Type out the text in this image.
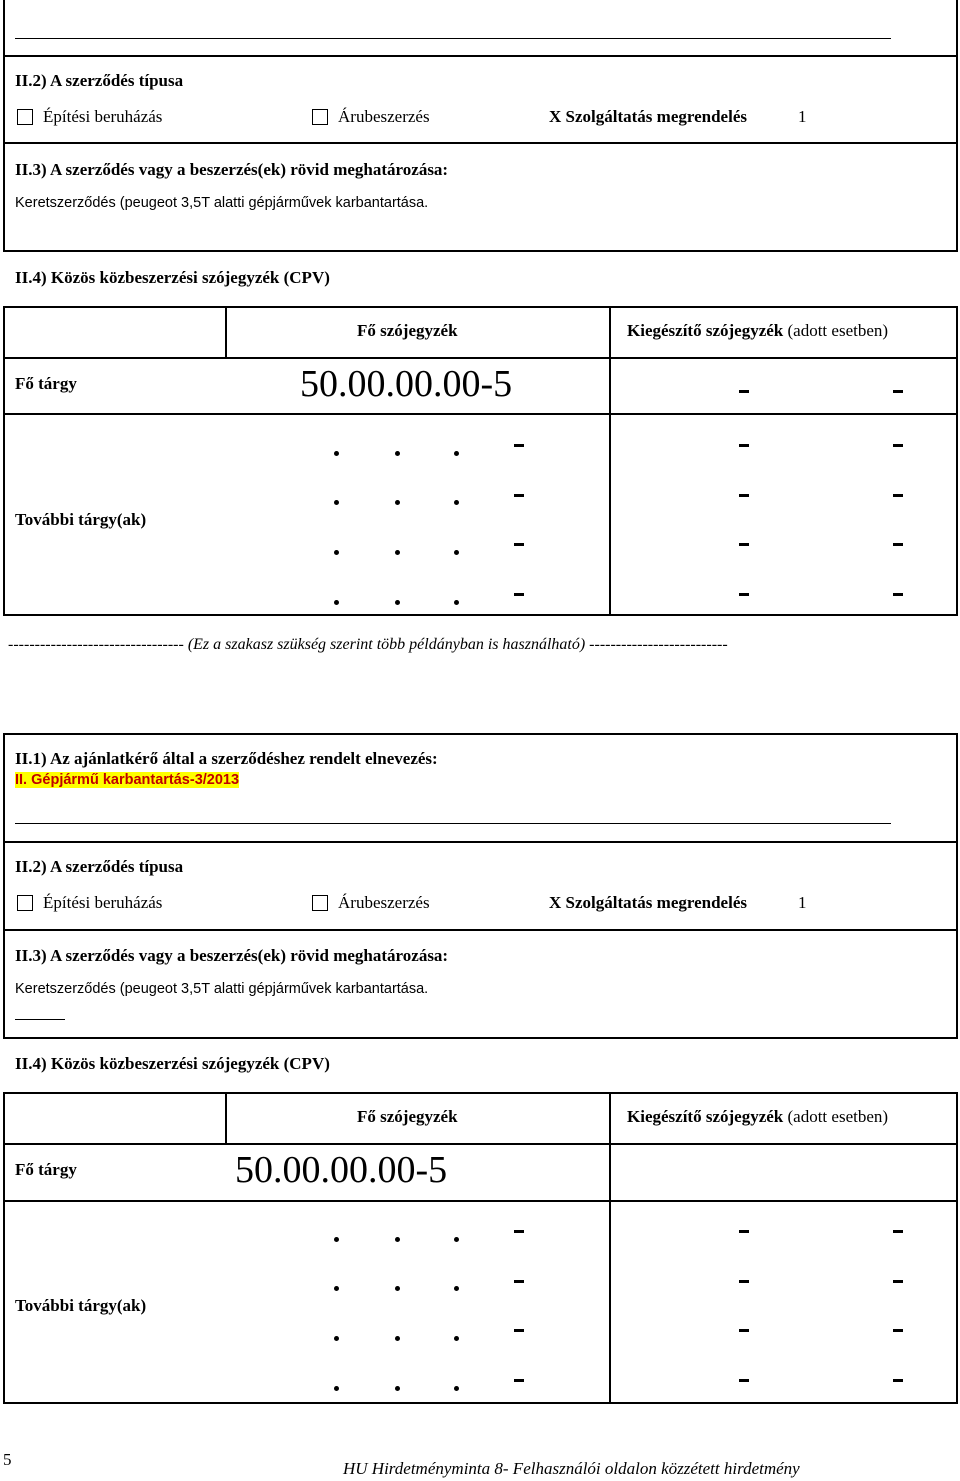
II.2) A szerződés típusa
Építési beruházás	Árubeszerzés	X Szolgáltatás megrendelés	1
II.3) A szerződés vagy a beszerzés(ek) rövid meghatározása:
Keretszerződés (peugeot 3,5T alatti gépjárművek karbantartása.
II.4) Közös közbeszerzési szójegyzék (CPV)
Fő szójegyzék	Kiegészítő szójegyzék (adott esetben)
Fő tárgy	50.00.00.00-5
További tárgy(ak)
--------------------------------- (Ez a szakasz szükség szerint több példányban is használható) --------------------------
II.1) Az ajánlatkérő által a szerződéshez rendelt elnevezés:
II. Gépjármű karbantartás-3/2013
II.2) A szerződés típusa
Építési beruházás	Árubeszerzés	X Szolgáltatás megrendelés	1
II.3) A szerződés vagy a beszerzés(ek) rövid meghatározása:
Keretszerződés (peugeot 3,5T alatti gépjárművek karbantartása.
II.4) Közös közbeszerzési szójegyzék (CPV)
Fő szójegyzék	Kiegészítő szójegyzék (adott esetben)
Fő tárgy	50.00.00.00-5
További tárgy(ak)
5	HU Hirdetményminta 8- Felhasználói oldalon közzétett hirdetmény
